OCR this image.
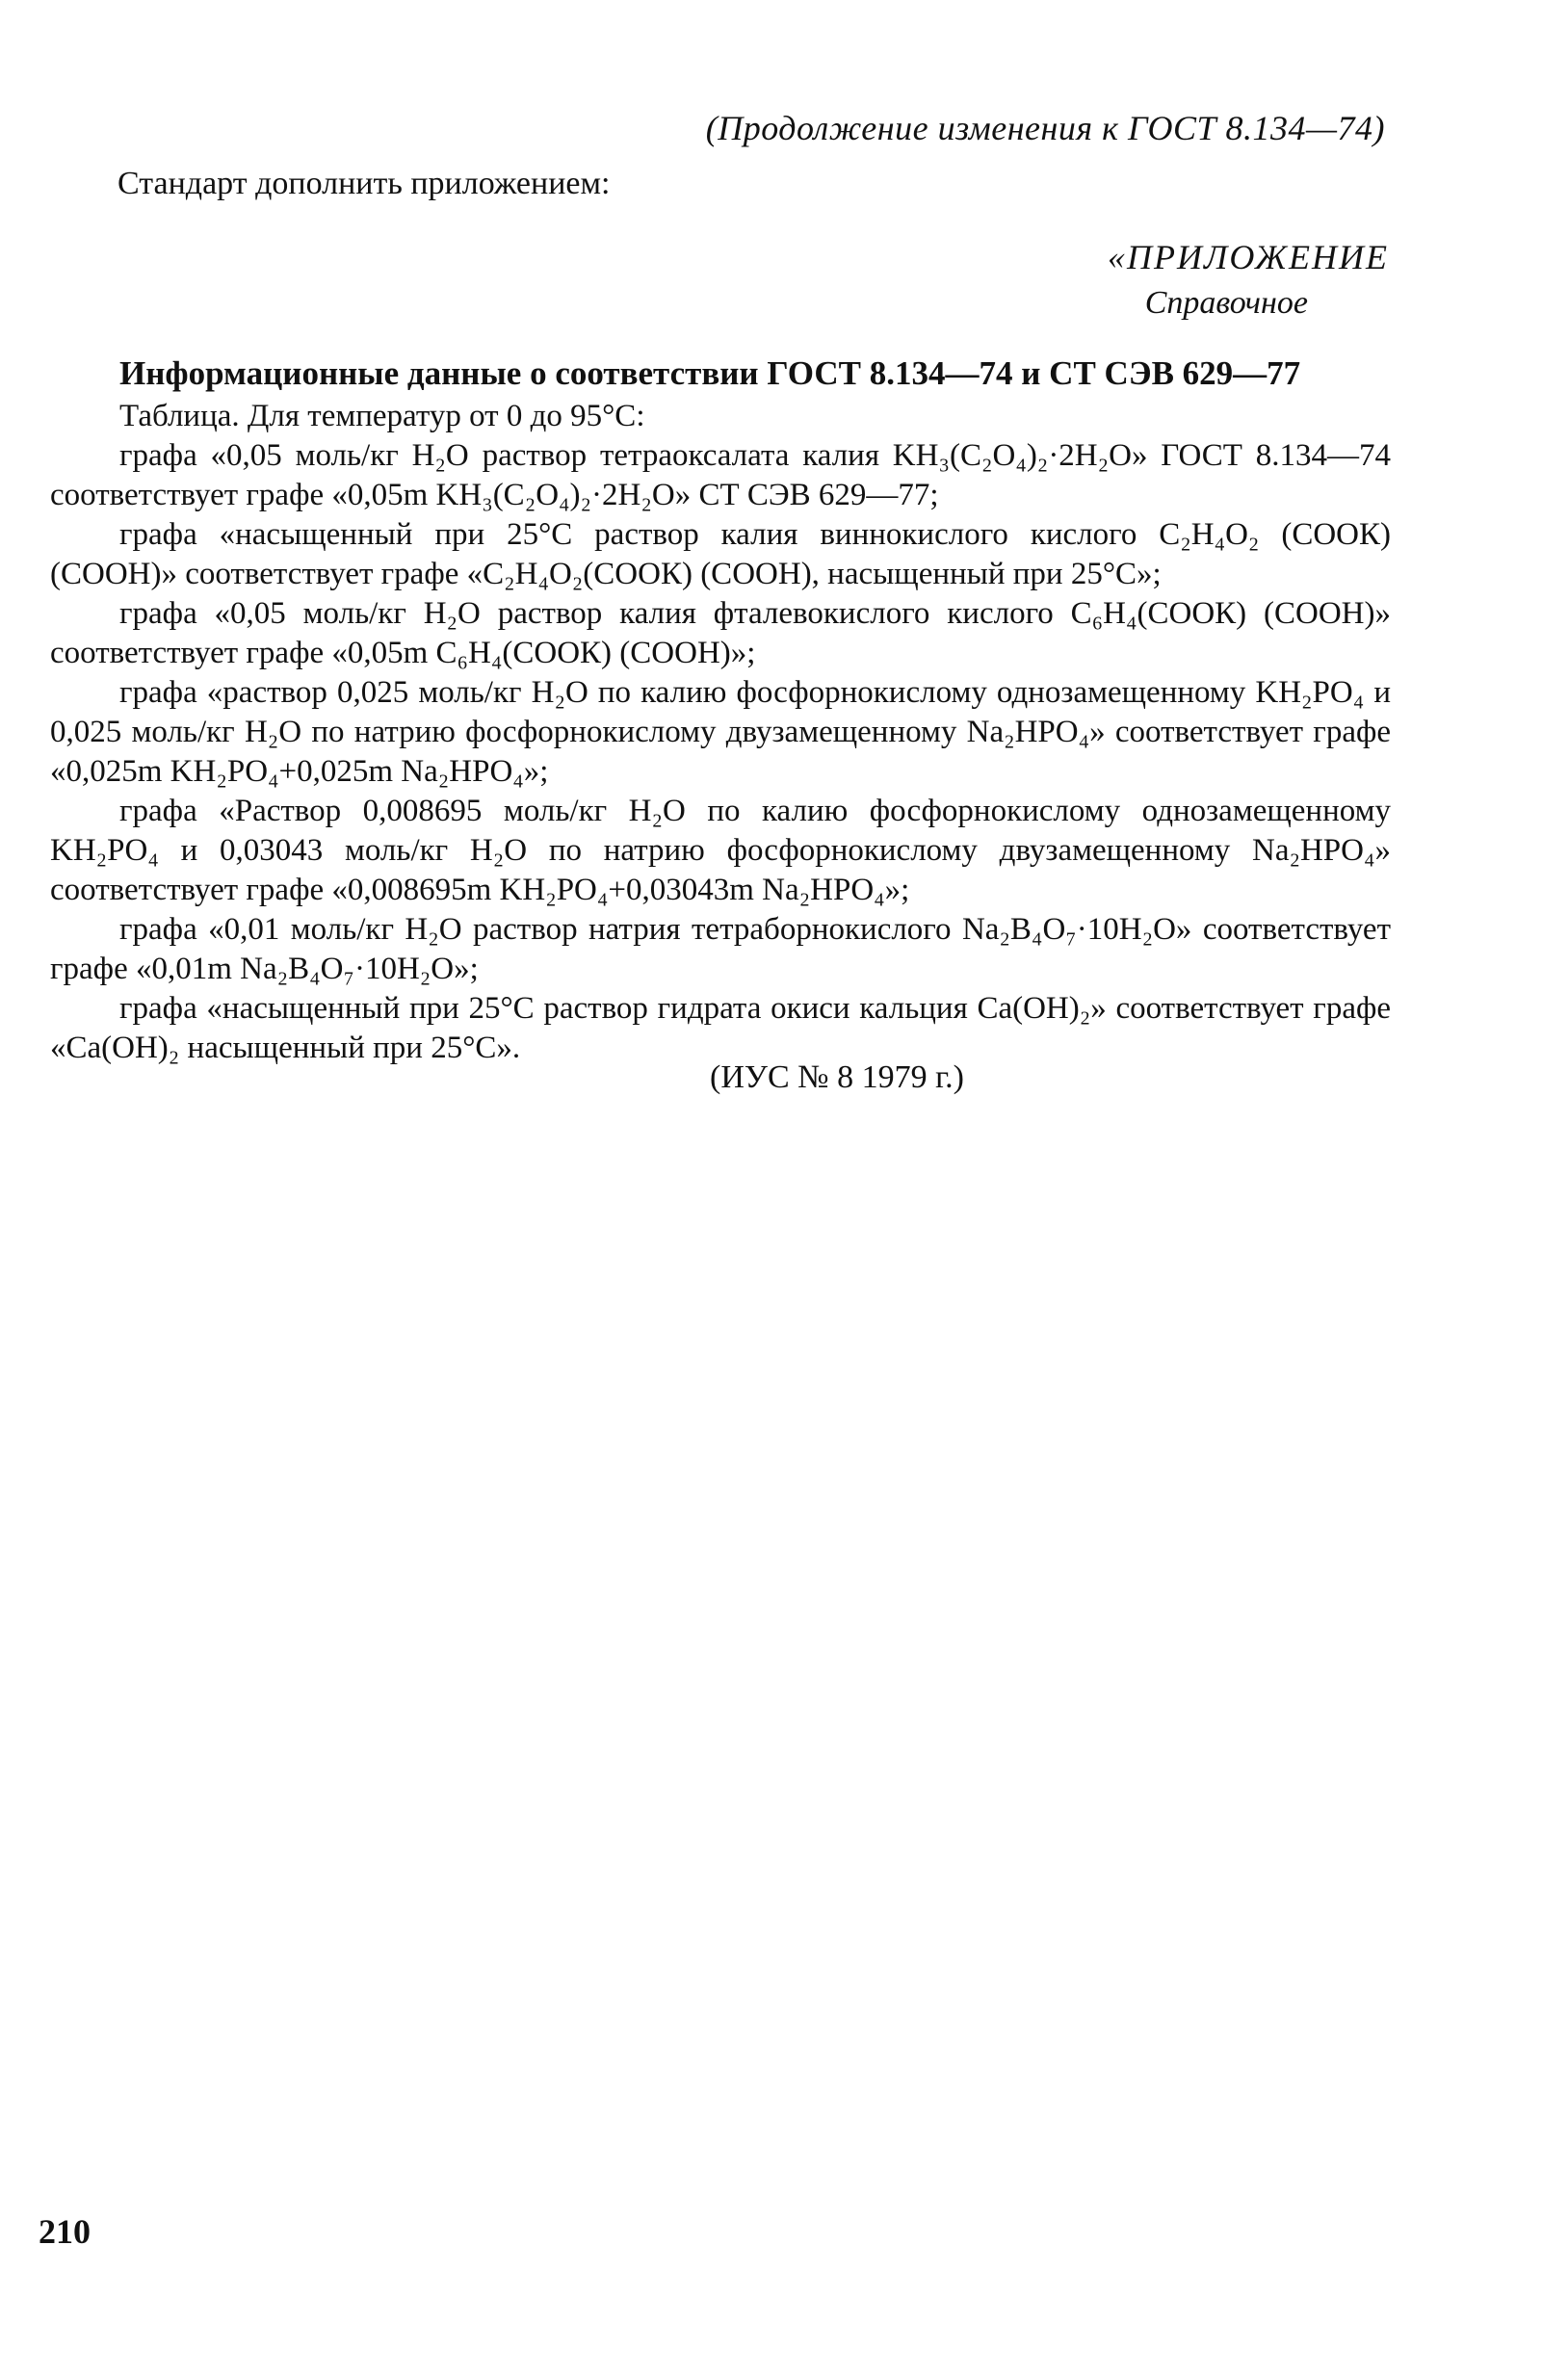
(Продолжение изменения к ГОСТ 8.134—74)
Стандарт дополнить приложением:
«ПРИЛОЖЕНИЕ
Справочное
Информационные данные о соответствии ГОСТ 8.134—74 и СТ СЭВ 629—77

Таблица. Для температур от 0 до 95°С:

графа «0,05 моль/кг H₂O раствор тетраоксалата калия KH₃(C₂O₄)₂·2H₂O» ГОСТ 8.134—74 соответствует графе «0,05m KH₃(C₂O₄)₂·2H₂O» СТ СЭВ 629—77;

графа «насыщенный при 25°С раствор калия виннокислого кислого C₂H₄O₂ (СООК) (СООН)» соответствует графе «C₂H₄O₂(СООК) (СООН), насыщенный при 25°С»;

графа «0,05 моль/кг H₂O раствор калия фталевокислого кислого C₆H₄(СООК) (СООН)» соответствует графе «0,05m C₆H₄(СООК) (СООН)»;

графа «раствор 0,025 моль/кг H₂O по калию фосфорнокислому однозамещенному KH₂PO₄ и 0,025 моль/кг H₂O по натрию фосфорнокислому двузамещенному Na₂HPO₄» соответствует графе «0,025m KH₂PO₄+0,025m Na₂HPO₄»;

графа «Раствор 0,008695 моль/кг H₂O по калию фосфорнокислому однозамещенному KH₂PO₄ и 0,03043 моль/кг H₂O по натрию фосфорнокислому двузамещенному Na₂HPO₄» соответствует графе «0,008695m KH₂PO₄+0,03043m Na₂HPO₄»;

графа «0,01 моль/кг H₂O раствор натрия тетраборнокислого Na₂B₄O₇·10H₂O» соответствует графе «0,01m Na₂B₄O₇·10H₂O»;

графа «насыщенный при 25°С раствор гидрата окиси кальция Ca(OH)₂» соответствует графе «Ca(OH)₂ насыщенный при 25°С».

(ИУС № 8 1979 г.)
210
